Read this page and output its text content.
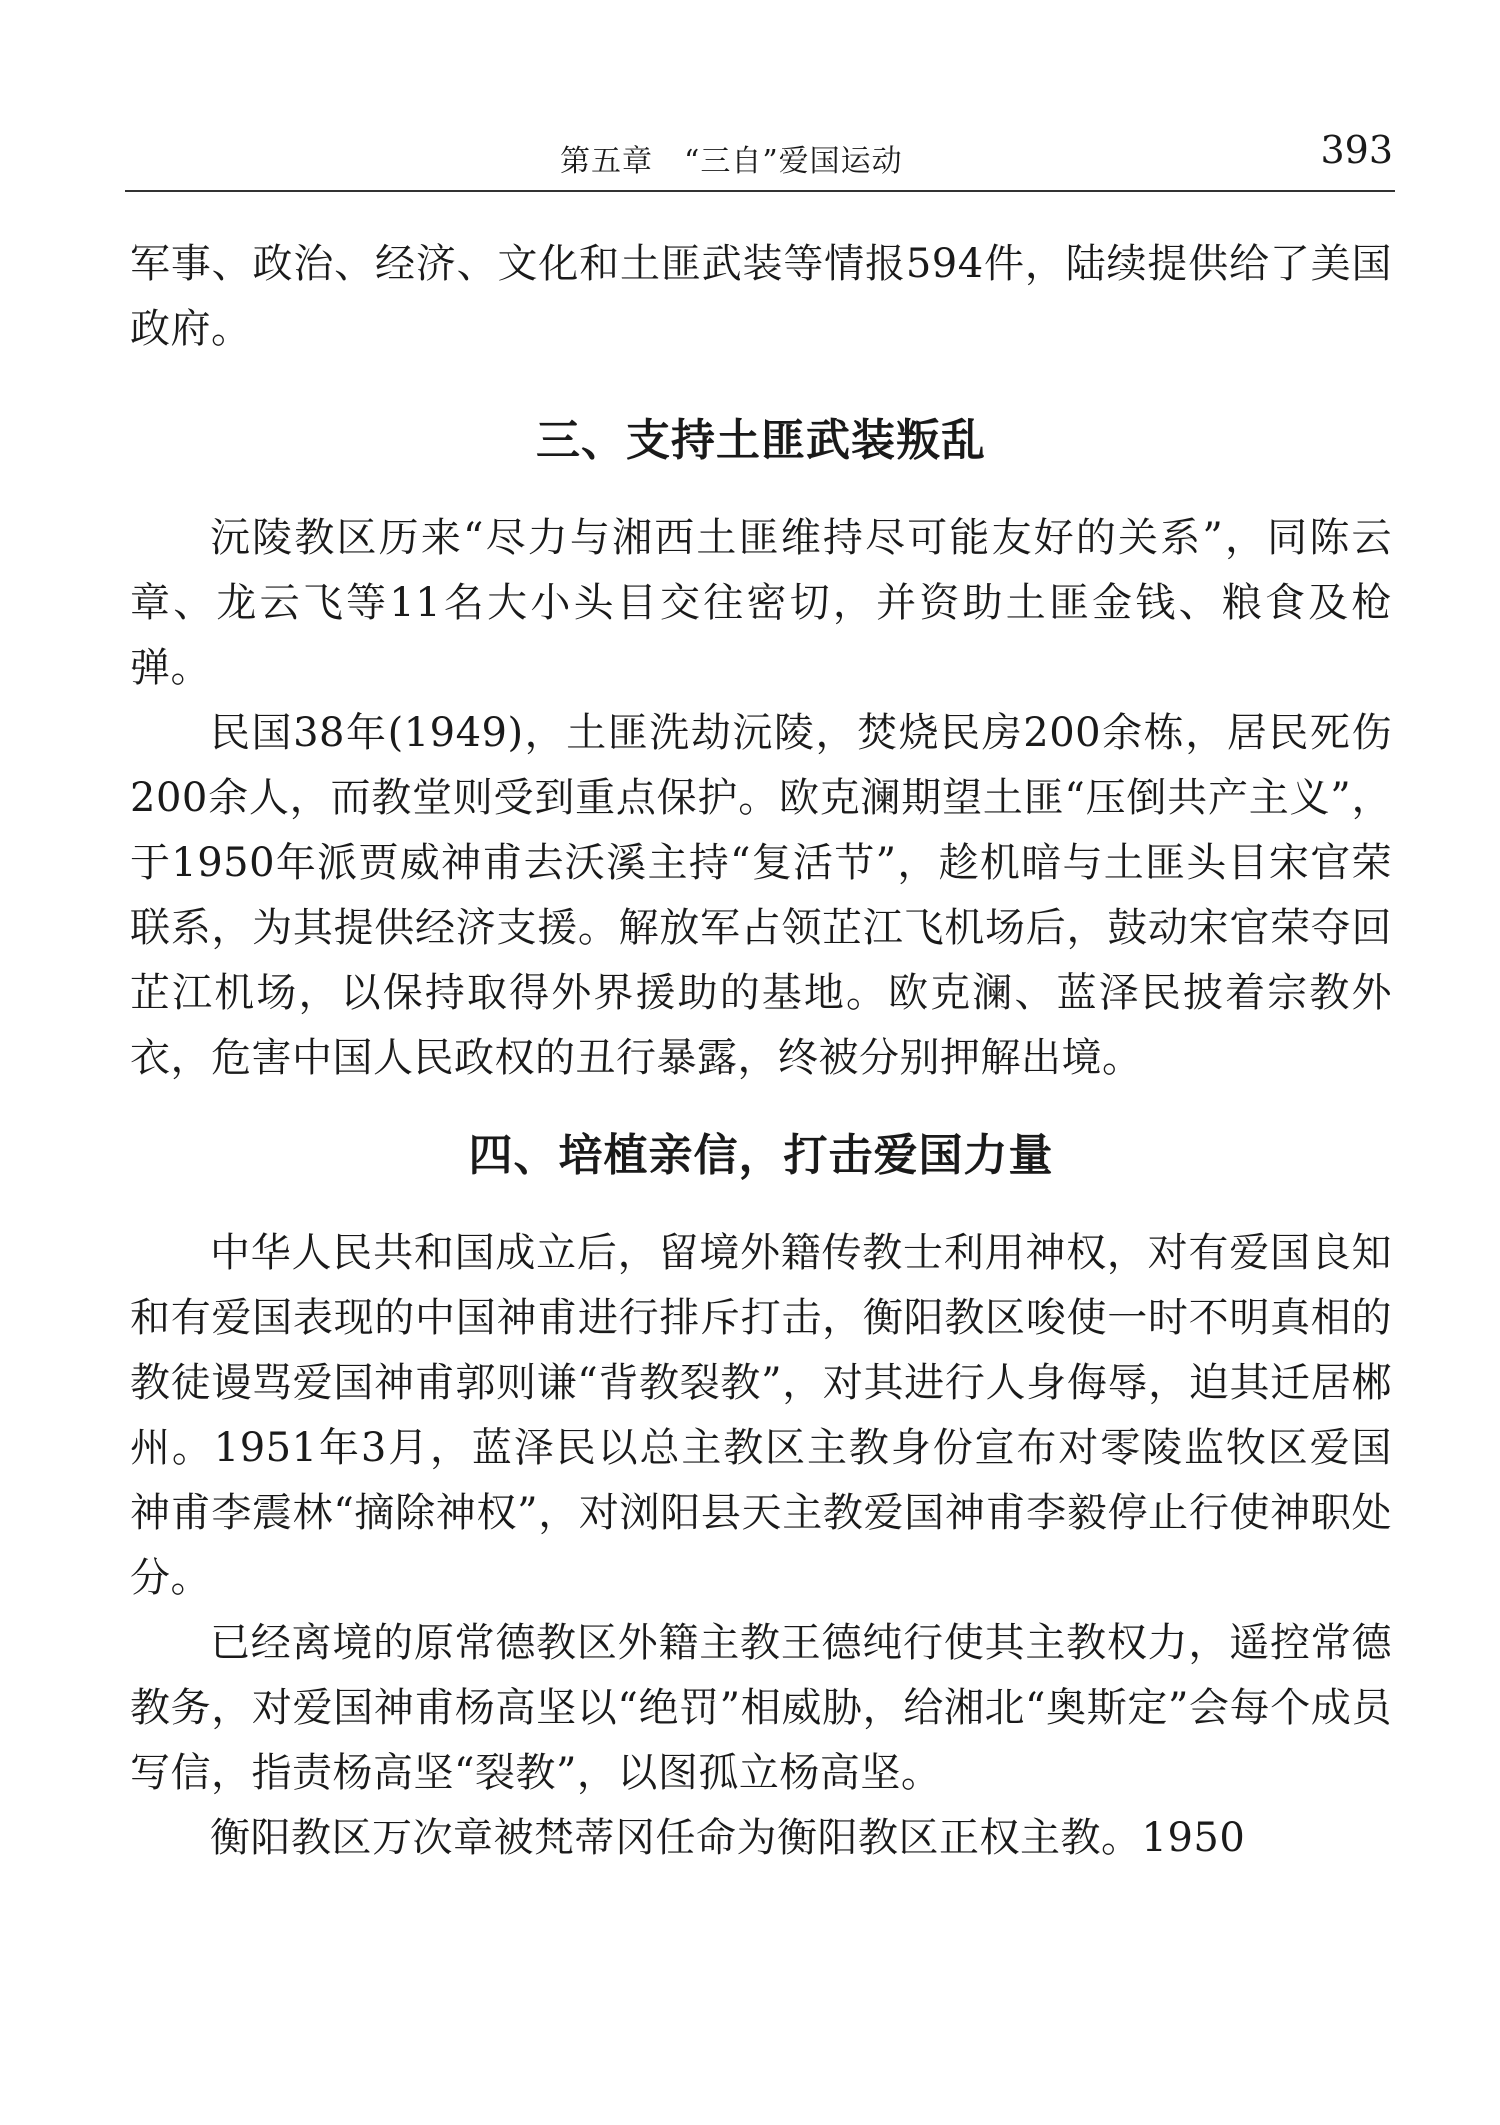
第五章　“三自”爱国运动	393

军事、政治、经济、文化和土匪武装等情报594件，陆续提供给了美国政府。

三、支持土匪武装叛乱

沅陵教区历来“尽力与湘西土匪维持尽可能友好的关系”，同陈云章、龙云飞等11名大小头目交往密切，并资助土匪金钱、粮食及枪弹。

民国38年(1949)，土匪洗劫沅陵，焚烧民房200余栋，居民死伤200余人，而教堂则受到重点保护。欧克澜期望土匪“压倒共产主义”，于1950年派贾威神甫去沃溪主持“复活节”，趁机暗与土匪头目宋官荣联系，为其提供经济支援。解放军占领芷江飞机场后，鼓动宋官荣夺回芷江机场，以保持取得外界援助的基地。欧克澜、蓝泽民披着宗教外衣，危害中国人民政权的丑行暴露，终被分别押解出境。

四、培植亲信，打击爱国力量

中华人民共和国成立后，留境外籍传教士利用神权，对有爱国良知和有爱国表现的中国神甫进行排斥打击，衡阳教区唆使一时不明真相的教徒谩骂爱国神甫郭则谦“背教裂教”，对其进行人身侮辱，迫其迁居郴州。1951年3月，蓝泽民以总主教区主教身份宣布对零陵监牧区爱国神甫李震林“摘除神权”，对浏阳县天主教爱国神甫李毅停止行使神职处分。

已经离境的原常德教区外籍主教王德纯行使其主教权力，遥控常德教务，对爱国神甫杨高坚以“绝罚”相威胁，给湘北“奥斯定”会每个成员写信，指责杨高坚“裂教”，以图孤立杨高坚。

衡阳教区万次章被梵蒂冈任命为衡阳教区正权主教。1950
